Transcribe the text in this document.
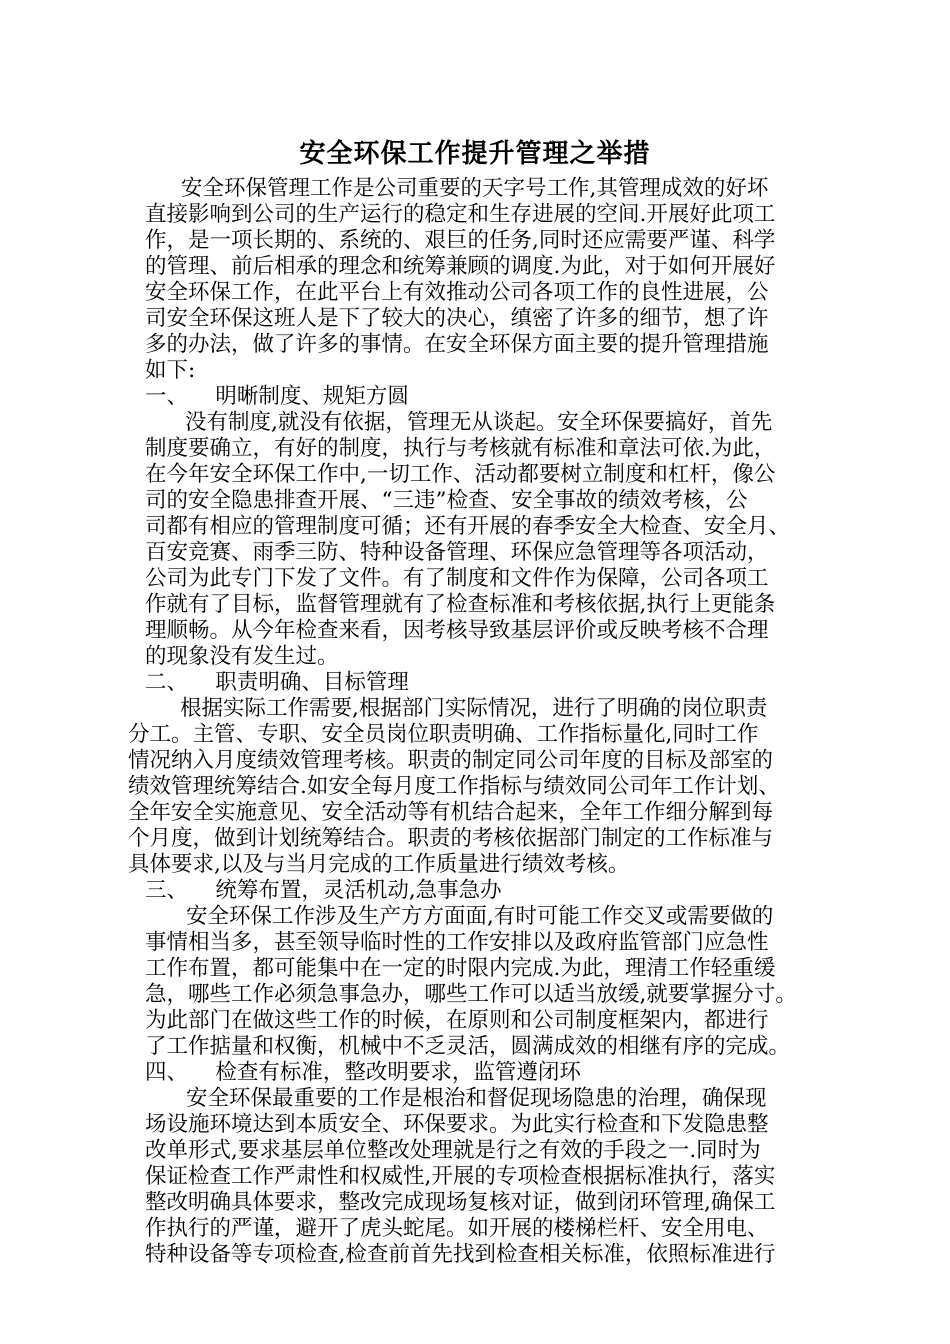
安全环保工作提升管理之举措

安全环保管理工作是公司重要的天字号工作,其管理成效的好坏

直接影响到公司的生产运行的稳定和生存进展的空间.开展好此项工

作，是一项长期的、系统的、艰巨的任务,同时还应需要严谨、科学

的管理、前后相承的理念和统筹兼顾的调度.为此，对于如何开展好

安全环保工作，在此平台上有效推动公司各项工作的良性进展，公

司安全环保这班人是下了较大的决心，缜密了许多的细节，想了许

多的办法，做了许多的事情。在安全环保方面主要的提升管理措施

如下:

一、    明晰制度、规矩方圆

没有制度,就没有依据，管理无从谈起。安全环保要搞好，首先

制度要确立，有好的制度，执行与考核就有标准和章法可依.为此，

在今年安全环保工作中,一切工作、活动都要树立制度和杠杆，像公

司的安全隐患排查开展、“三违”检查、安全事故的绩效考核，公

司都有相应的管理制度可循；还有开展的春季安全大检查、安全月、

百安竞赛、雨季三防、特种设备管理、环保应急管理等各项活动，

公司为此专门下发了文件。有了制度和文件作为保障，公司各项工

作就有了目标，监督管理就有了检查标准和考核依据,执行上更能条

理顺畅。从今年检查来看，因考核导致基层评价或反映考核不合理

的现象没有发生过。

二、    职责明确、目标管理

根据实际工作需要,根据部门实际情况，进行了明确的岗位职责

分工。主管、专职、安全员岗位职责明确、工作指标量化,同时工作

情况纳入月度绩效管理考核。职责的制定同公司年度的目标及部室的

绩效管理统筹结合.如安全每月度工作指标与绩效同公司年工作计划、

全年安全实施意见、安全活动等有机结合起来，全年工作细分解到每

个月度，做到计划统筹结合。职责的考核依据部门制定的工作标准与

具体要求,以及与当月完成的工作质量进行绩效考核。

三、    统筹布置，灵活机动,急事急办

安全环保工作涉及生产方方面面,有时可能工作交叉或需要做的

事情相当多，甚至领导临时性的工作安排以及政府监管部门应急性

工作布置，都可能集中在一定的时限内完成.为此，理清工作轻重缓

急，哪些工作必须急事急办，哪些工作可以适当放缓,就要掌握分寸。

为此部门在做这些工作的时候，在原则和公司制度框架内，都进行

了工作掂量和权衡，机械中不乏灵活，圆满成效的相继有序的完成。

四、    检查有标准，整改明要求，监管遵闭环

安全环保最重要的工作是根治和督促现场隐患的治理，确保现

场设施环境达到本质安全、环保要求。为此实行检查和下发隐患整

改单形式,要求基层单位整改处理就是行之有效的手段之一.同时为

保证检查工作严肃性和权威性,开展的专项检查根据标准执行，落实

整改明确具体要求，整改完成现场复核对证，做到闭环管理,确保工

作执行的严谨，避开了虎头蛇尾。如开展的楼梯栏杆、安全用电、

特种设备等专项检查,检查前首先找到检查相关标准，依照标准进行
